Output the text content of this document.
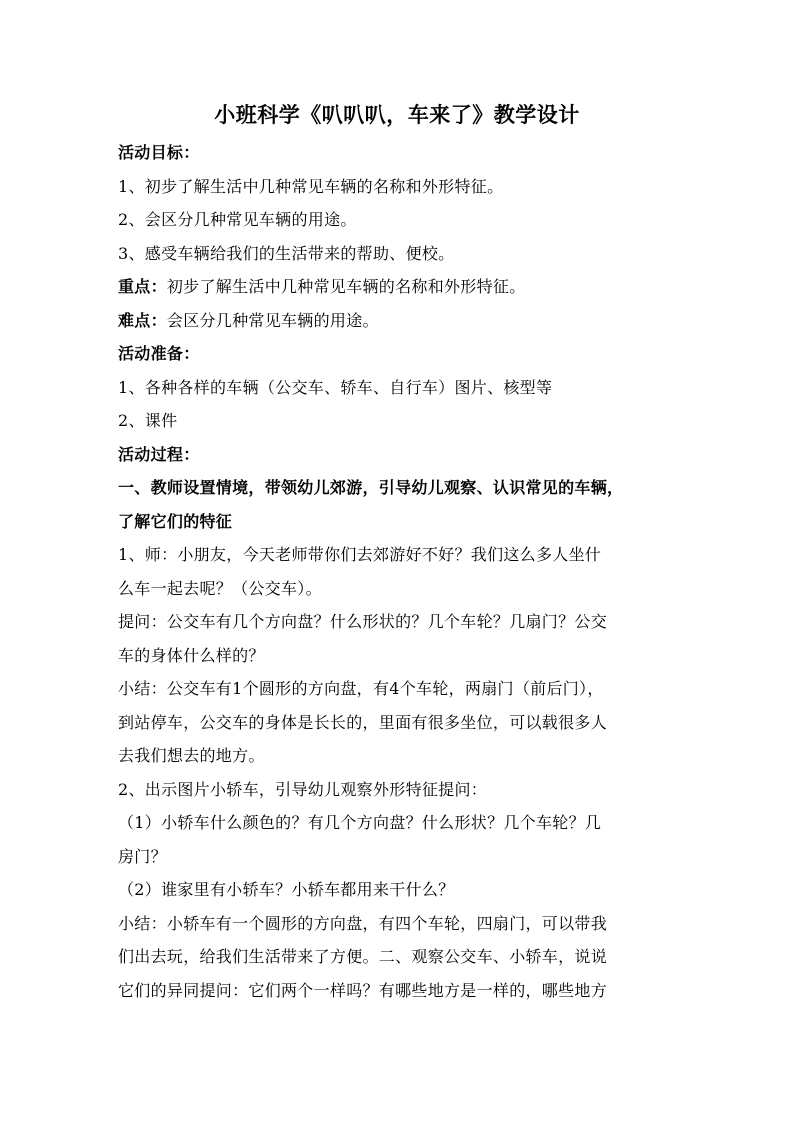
小班科学《叭叭叭，车来了》教学设计
活动目标：
1、初步了解生活中几种常见车辆的名称和外形特征。
2、会区分几种常见车辆的用途。
3、感受车辆给我们的生活带来的帮助、便校。
重点：初步了解生活中几种常见车辆的名称和外形特征。
难点：会区分几种常见车辆的用途。
活动准备：
1、各种各样的车辆（公交车、轿车、自行车）图片、核型等
2、课件
活动过程：
一、教师设置情境，带领幼儿郊游，引导幼儿观察、认识常见的车辆，
了解它们的特征
1、师：小朋友，今天老师带你们去郊游好不好？我们这么多人坐什
么车一起去呢？（公交车）。
提问：公交车有几个方向盘？什么形状的？几个车轮？几扇门？公交
车的身体什么样的？
小结：公交车有1个圆形的方向盘，有4个车轮，两扇门（前后门），
到站停车，公交车的身体是长长的，里面有很多坐位，可以载很多人
去我们想去的地方。
2、出示图片小轿车，引导幼儿观察外形特征提问：
（1）小轿车什么颜色的？有几个方向盘？什么形状？几个车轮？几
房门？
（2）谁家里有小轿车？小轿车都用来干什么？
小结：小轿车有一个圆形的方向盘，有四个车轮，四扇门，可以带我
们出去玩，给我们生活带来了方便。二、观察公交车、小轿车，说说
它们的异同提问：它们两个一样吗？有哪些地方是一样的，哪些地方
